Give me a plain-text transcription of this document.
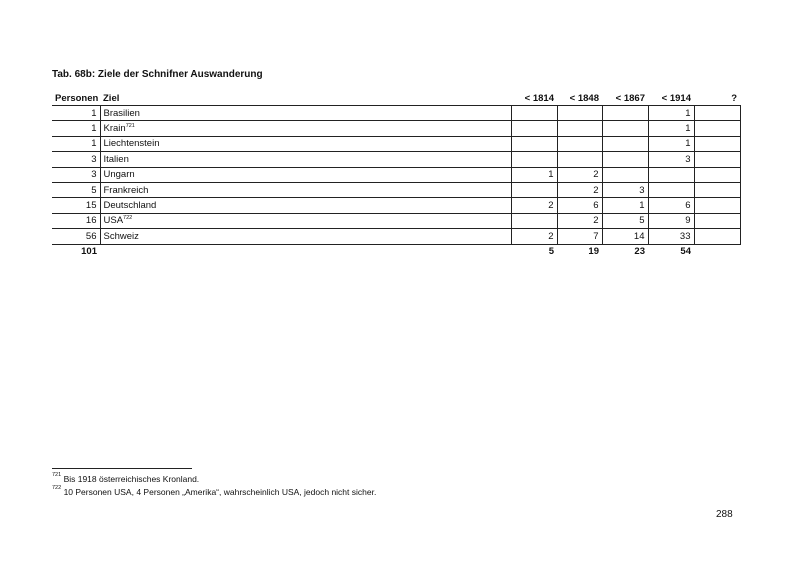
Tab. 68b: Ziele der Schnifner Auswanderung
Personen	Ziel	< 1814	< 1848	< 1867	< 1914	?
1	Brasilien				1	
1	Krain$^{721}$				1	
1	Liechtenstein				1	
3	Italien				3	
3	Ungarn	1	2			
5	Frankreich		2	3		
15	Deutschland	2	6	1	6	
16	USA$^{722}$		2	5	9	
56	Schweiz	2	7	14	33	
101		5	19	23	54	
$^{721}$ Bis 1918 österreichisches Kronland.
$^{722}$ 10 Personen USA, 4 Personen „Amerika“, wahrscheinlich USA, jedoch nicht sicher.
288
